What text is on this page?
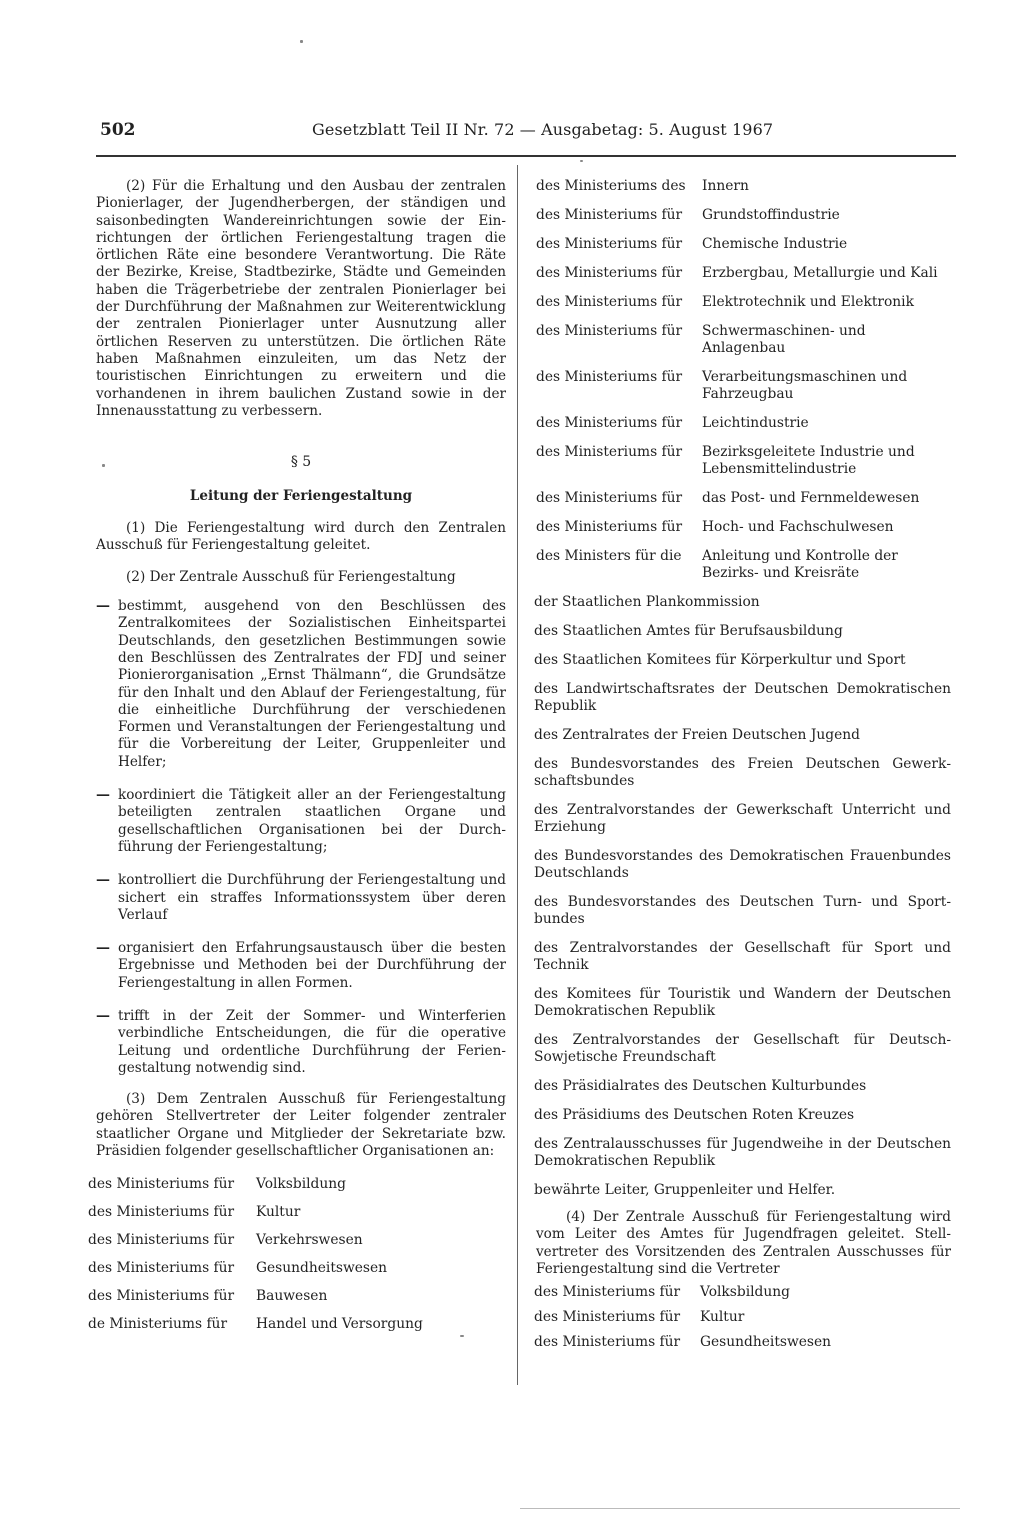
502	Gesetzblatt Teil II Nr. 72 — Ausgabetag: 5. August 1967

(2) Für die Erhaltung und den Ausbau der zentralen Pionierlager, der Jugendherbergen, der ständigen und saisonbedingten Wandereinrichtungen sowie der Einrichtungen der örtlichen Feriengestaltung tragen die örtlichen Räte eine besondere Verantwortung. Die Räte der Bezirke, Kreise, Stadtbezirke, Städte und Gemeinden haben die Trägerbetriebe der zentralen Pionierlager bei der Durchführung der Maßnahmen zur Weiterentwicklung der zentralen Pionierlager unter Ausnutzung aller örtlichen Reserven zu unterstützen. Die örtlichen Räte haben Maßnahmen einzuleiten, um das Netz der touristischen Einrichtungen zu erweitern und die vorhandenen in ihrem baulichen Zustand sowie in der Innenausstattung zu verbessern.

§ 5
Leitung der Feriengestaltung

(1) Die Feriengestaltung wird durch den Zentralen Ausschuß für Feriengestaltung geleitet.

(2) Der Zentrale Ausschuß für Feriengestaltung

— bestimmt, ausgehend von den Beschlüssen des Zentralkomitees der Sozialistischen Einheitspartei Deutschlands, den gesetzlichen Bestimmungen sowie den Beschlüssen des Zentralrates der FDJ und seiner Pionierorganisation „Ernst Thälmann“, die Grundsätze für den Inhalt und den Ablauf der Feriengestaltung, für die einheitliche Durchführung der verschiedenen Formen und Veranstaltungen der Feriengestaltung und für die Vorbereitung der Leiter, Gruppenleiter und Helfer;
— koordiniert die Tätigkeit aller an der Feriengestaltung beteiligten zentralen staatlichen Organe und gesellschaftlichen Organisationen bei der Durchführung der Feriengestaltung;
— kontrolliert die Durchführung der Feriengestaltung und sichert ein straffes Informationssystem über deren Verlauf
— organisiert den Erfahrungsaustausch über die besten Ergebnisse und Methoden bei der Durchführung der Feriengestaltung in allen Formen.
— trifft in der Zeit der Sommer- und Winterferien verbindliche Entscheidungen, die für die operative Leitung und ordentliche Durchführung der Feriengestaltung notwendig sind.

(3) Dem Zentralen Ausschuß für Feriengestaltung gehören Stellvertreter der Leiter folgender zentraler staatlicher Organe und Mitglieder der Sekretariate bzw. Präsidien folgender gesellschaftlicher Organisationen an:

des Ministeriums für	Volksbildung
des Ministeriums für	Kultur
des Ministeriums für	Verkehrswesen
des Ministeriums für	Gesundheitswesen
des Ministeriums für	Bauwesen
de Ministeriums für	Handel und Versorgung
des Ministeriums des	Innern
des Ministeriums für	Grundstoffindustrie
des Ministeriums für	Chemische Industrie
des Ministeriums für	Erzbergbau, Metallurgie und Kali
des Ministeriums für	Elektrotechnik und Elektronik
des Ministeriums für	Schwermaschinen- und Anlagenbau
des Ministeriums für	Verarbeitungsmaschinen und Fahrzeugbau
des Ministeriums für	Leichtindustrie
des Ministeriums für	Bezirksgeleitete Industrie und Lebensmittelindustrie
des Ministeriums für	das Post- und Fernmeldewesen
des Ministeriums für	Hoch- und Fachschulwesen
des Ministers für die	Anleitung und Kontrolle der Bezirks- und Kreisräte
der Staatlichen Plankommission
des Staatlichen Amtes für Berufsausbildung
des Staatlichen Komitees für Körperkultur und Sport
des Landwirtschaftsrates der Deutschen Demokratischen Republik
des Zentralrates der Freien Deutschen Jugend
des Bundesvorstandes des Freien Deutschen Gewerkschaftsbundes
des Zentralvorstandes der Gewerkschaft Unterricht und Erziehung
des Bundesvorstandes des Demokratischen Frauenbundes Deutschlands
des Bundesvorstandes des Deutschen Turn- und Sportbundes
des Zentralvorstandes der Gesellschaft für Sport und Technik
des Komitees für Touristik und Wandern der Deutschen Demokratischen Republik
des Zentralvorstandes der Gesellschaft für Deutsch-Sowjetische Freundschaft
des Präsidialrates des Deutschen Kulturbundes
des Präsidiums des Deutschen Roten Kreuzes
des Zentralausschusses für Jugendweihe in der Deutschen Demokratischen Republik
bewährte Leiter, Gruppenleiter und Helfer.

(4) Der Zentrale Ausschuß für Feriengestaltung wird vom Leiter des Amtes für Jugendfragen geleitet. Stellvertreter des Vorsitzenden des Zentralen Ausschusses für Feriengestaltung sind die Vertreter

des Ministeriums für	Volksbildung
des Ministeriums für	Kultur
des Ministeriums für	Gesundheitswesen
